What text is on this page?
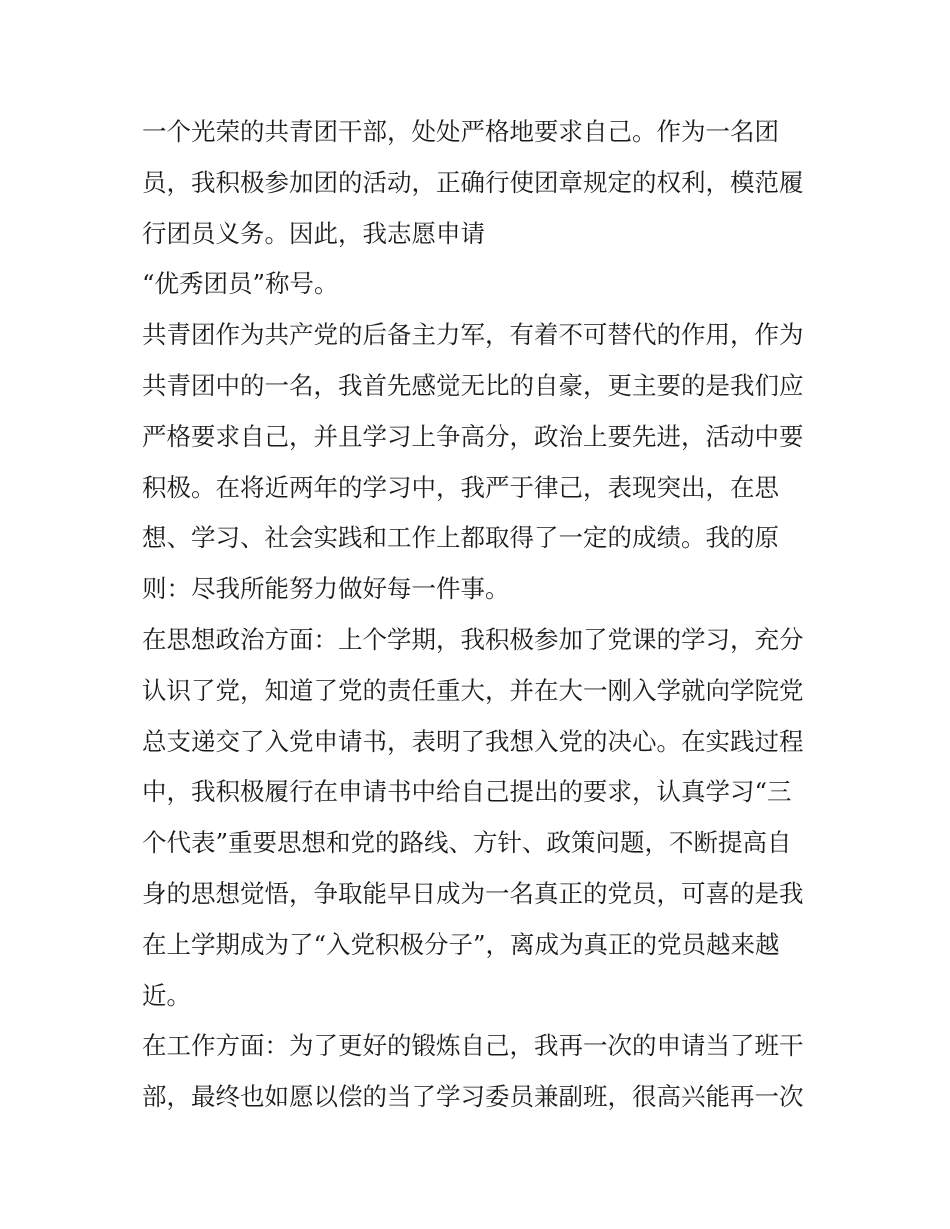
一个光荣的共青团干部，处处严格地要求自己。作为一名团
员，我积极参加团的活动，正确行使团章规定的权利，模范履
行团员义务。因此，我志愿申请
“优秀团员”称号。
共青团作为共产党的后备主力军，有着不可替代的作用，作为
共青团中的一名，我首先感觉无比的自豪，更主要的是我们应
严格要求自己，并且学习上争高分，政治上要先进，活动中要
积极。在将近两年的学习中，我严于律己，表现突出，在思
想、学习、社会实践和工作上都取得了一定的成绩。我的原
则：尽我所能努力做好每一件事。
在思想政治方面：上个学期，我积极参加了党课的学习，充分
认识了党，知道了党的责任重大，并在大一刚入学就向学院党
总支递交了入党申请书，表明了我想入党的决心。在实践过程
中，我积极履行在申请书中给自己提出的要求，认真学习“三
个代表”重要思想和党的路线、方针、政策问题，不断提高自
身的思想觉悟，争取能早日成为一名真正的党员，可喜的是我
在上学期成为了“入党积极分子”，离成为真正的党员越来越
近。
在工作方面：为了更好的锻炼自己，我再一次的申请当了班干
部，最终也如愿以偿的当了学习委员兼副班，很高兴能再一次
